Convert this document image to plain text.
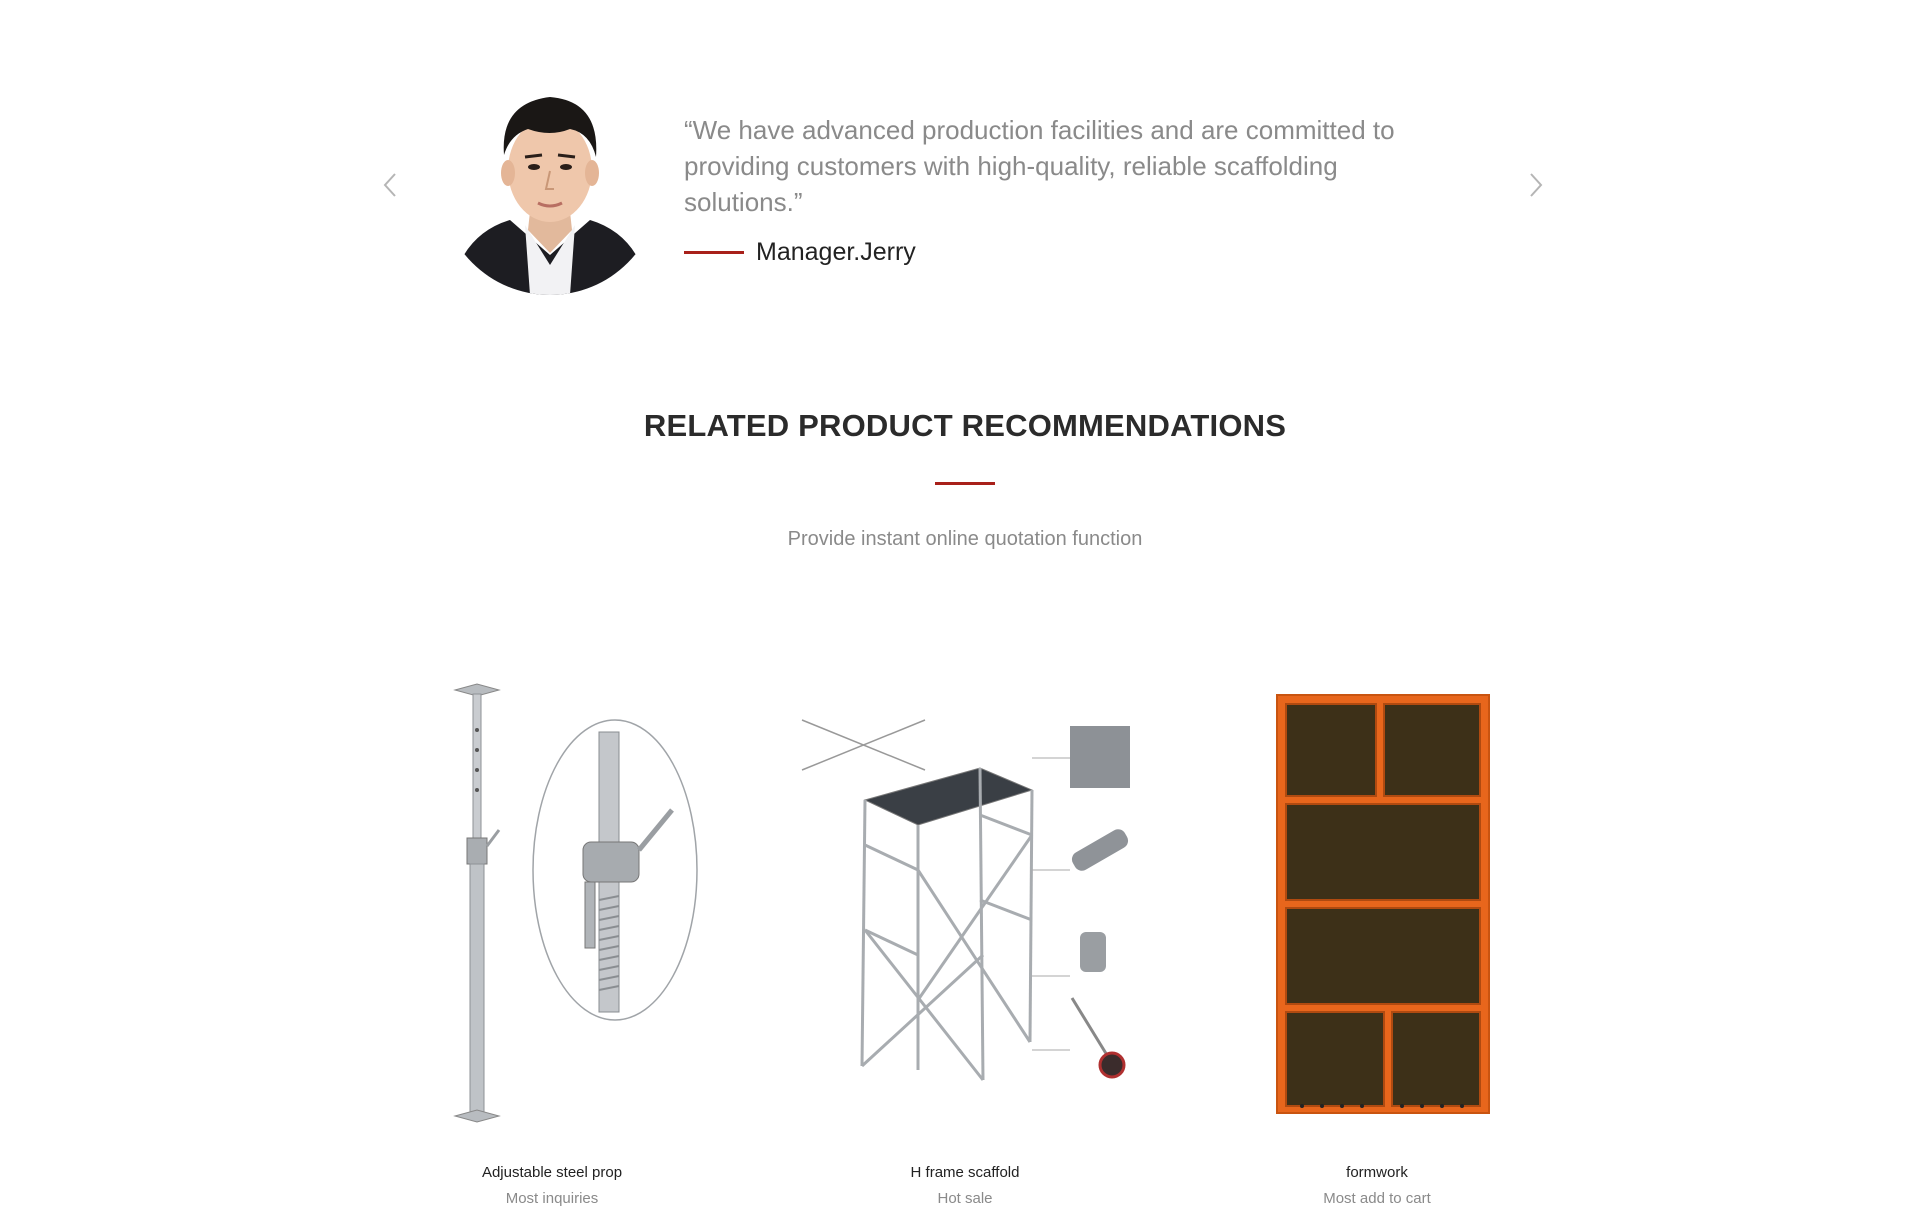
“We have advanced production facilities and are committed to providing customers with high-quality, reliable scaffolding solutions.”

Manager.Jerry
RELATED PRODUCT RECOMMENDATIONS

Provide instant online quotation function

Adjustable steel prop
Most inquiries
H frame scaffold
Hot sale
formwork
Most add to cart
